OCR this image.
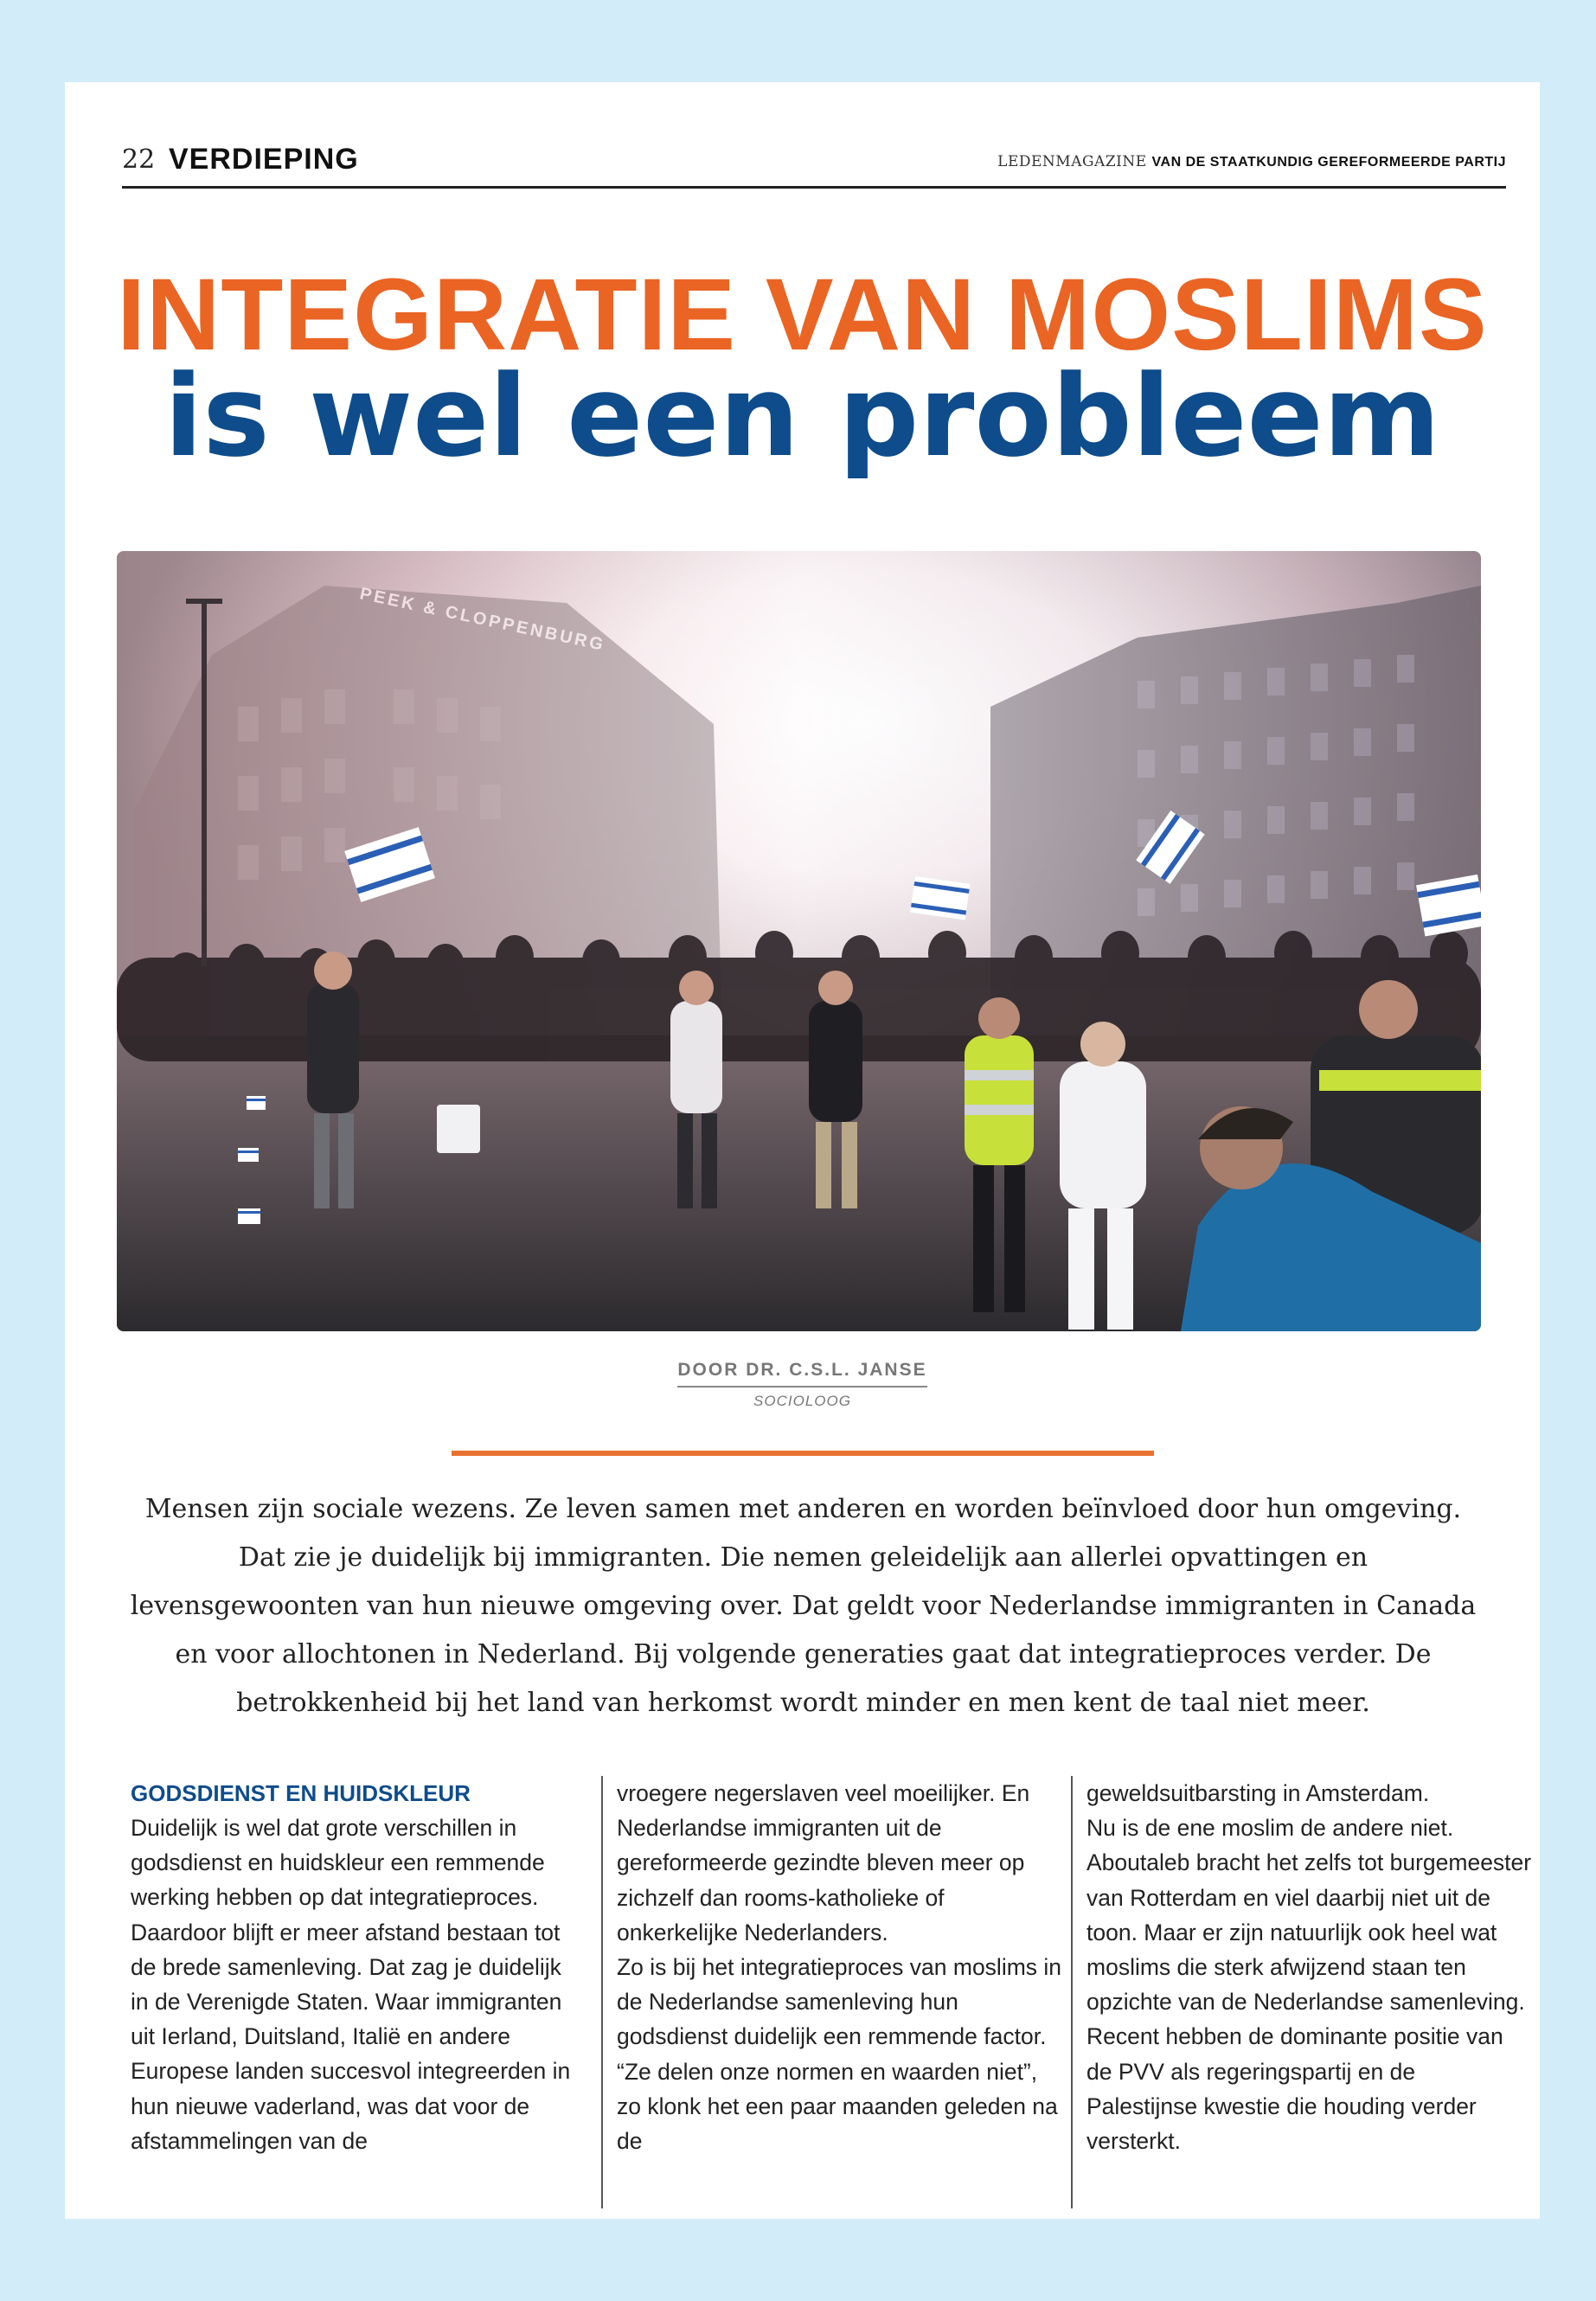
22 VERDIEPING	LEDENMAGAZINE VAN DE STAATKUNDIG GEREFORMEERDE PARTIJ
INTEGRATIE VAN MOSLIMS
is wel een probleem
DOOR DR. C.S.L. JANSE
SOCIOLOOG

Mensen zijn sociale wezens. Ze leven samen met anderen en worden beïnvloed door hun omgeving. Dat zie je duidelijk bij immigranten. Die nemen geleidelijk aan allerlei opvattingen en levensgewoonten van hun nieuwe omgeving over. Dat geldt voor Nederlandse immigranten in Canada en voor allochtonen in Nederland. Bij volgende generaties gaat dat integratieproces verder. De betrokkenheid bij het land van herkomst wordt minder en men kent de taal niet meer.

GODSDIENST EN HUIDSKLEUR

Duidelijk is wel dat grote verschillen in godsdienst en huidskleur een remmende werking hebben op dat integratieproces. Daardoor blijft er meer afstand bestaan tot de brede samenleving. Dat zag je duidelijk in de Verenigde Staten. Waar immigranten uit Ierland, Duitsland, Italië en andere Europese landen succesvol integreerden in hun nieuwe vaderland, was dat voor de afstammelingen van de

vroegere negerslaven veel moeilijker. En Nederlandse immigranten uit de gereformeerde gezindte bleven meer op zichzelf dan rooms-katholieke of onkerkelijke Nederlanders.

Zo is bij het integratieproces van moslims in de Nederlandse samenleving hun godsdienst duidelijk een remmende factor. “Ze delen onze normen en waarden niet”, zo klonk het een paar maanden geleden na de

geweldsuitbarsting in Amsterdam.

Nu is de ene moslim de andere niet. Aboutaleb bracht het zelfs tot burgemeester van Rotterdam en viel daarbij niet uit de toon. Maar er zijn natuurlijk ook heel wat moslims die sterk afwijzend staan ten opzichte van de Nederlandse samenleving. Recent hebben de dominante positie van de PVV als regeringspartij en de Palestijnse kwestie die houding verder versterkt.
